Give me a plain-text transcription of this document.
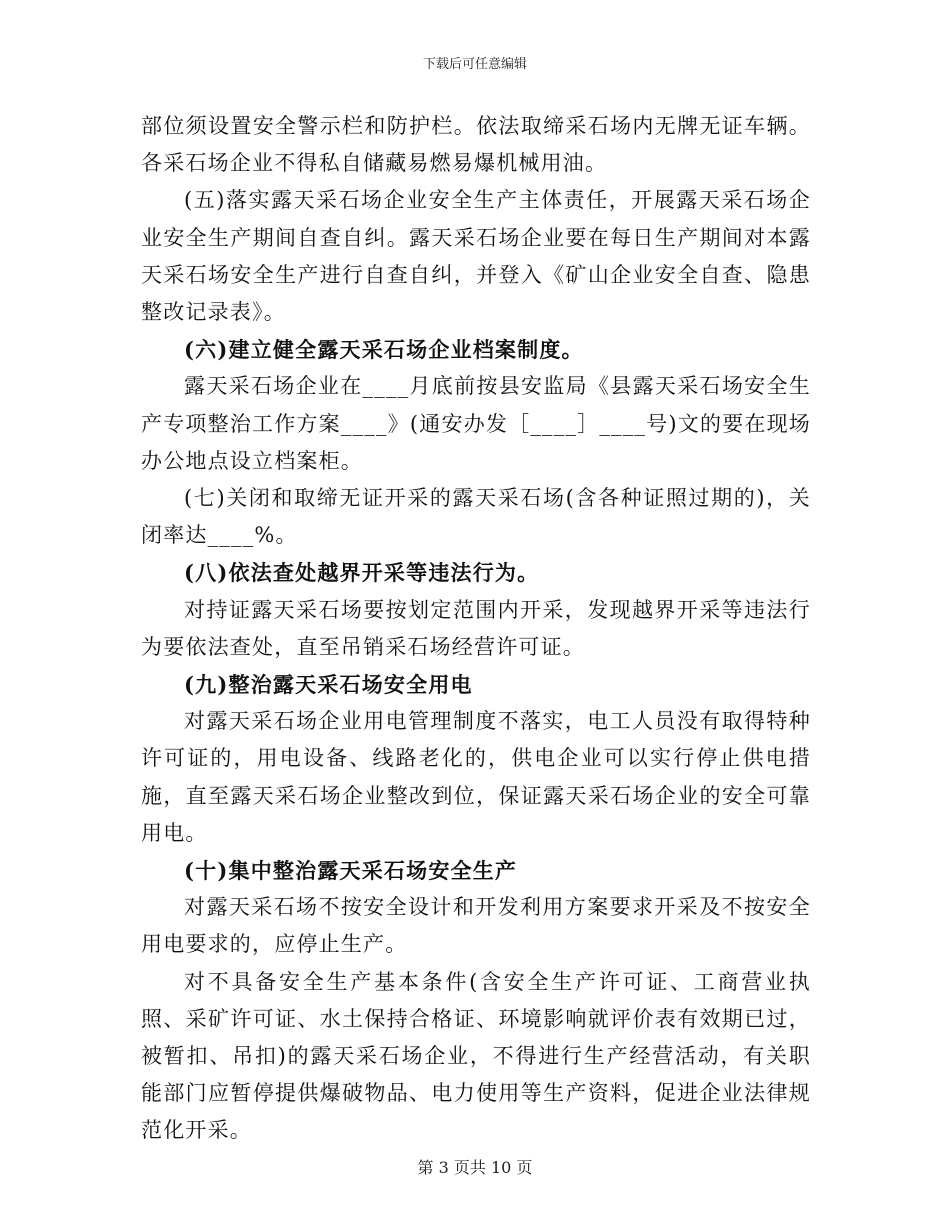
下载后可任意编辑

部位须设置安全警示栏和防护栏。依法取缔采石场内无牌无证车辆。各采石场企业不得私自储藏易燃易爆机械用油。

(五)落实露天采石场企业安全生产主体责任，开展露天采石场企业安全生产期间自查自纠。露天采石场企业要在每日生产期间对本露天采石场安全生产进行自查自纠，并登入《矿山企业安全自查、隐患整改记录表》。

(六)建立健全露天采石场企业档案制度。

露天采石场企业在____月底前按县安监局《县露天采石场安全生产专项整治工作方案____》(通安办发［____］____号)文的要在现场办公地点设立档案柜。

(七)关闭和取缔无证开采的露天采石场(含各种证照过期的)，关闭率达____%。

(八)依法查处越界开采等违法行为。

对持证露天采石场要按划定范围内开采，发现越界开采等违法行为要依法查处，直至吊销采石场经营许可证。

(九)整治露天采石场安全用电

对露天采石场企业用电管理制度不落实，电工人员没有取得特种许可证的，用电设备、线路老化的，供电企业可以实行停止供电措施，直至露天采石场企业整改到位，保证露天采石场企业的安全可靠用电。

(十)集中整治露天采石场安全生产

对露天采石场不按安全设计和开发利用方案要求开采及不按安全用电要求的，应停止生产。

对不具备安全生产基本条件(含安全生产许可证、工商营业执照、采矿许可证、水土保持合格证、环境影响就评价表有效期已过，被暂扣、吊扣)的露天采石场企业，不得进行生产经营活动，有关职能部门应暂停提供爆破物品、电力使用等生产资料，促进企业法律规范化开采。

第 3 页共 10 页
